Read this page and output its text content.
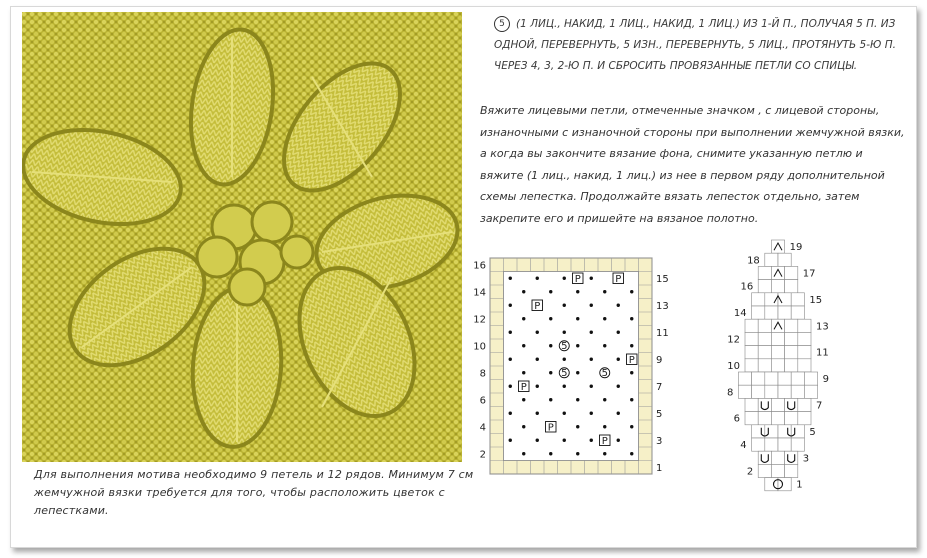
Для выполнения мотива необходимо 9 петель и 12 рядов. Минимум 7 см жемчужной вязки требуется для того, чтобы расположить цветок с лепестками.
5 (1 ЛИЦ., НАКИД, 1 ЛИЦ., НАКИД, 1 ЛИЦ.) ИЗ 1-Й П., ПОЛУЧАЯ 5 П. ИЗ ОДНОЙ, ПЕРЕВЕРНУТЬ, 5 ИЗН., ПЕРЕВЕРНУТЬ, 5 ЛИЦ., ПРОТЯНУТЬ 5-Ю П. ЧЕРЕЗ 4, 3, 2-Ю П. И СБРОСИТЬ ПРОВЯЗАННЫЕ ПЕТЛИ СО СПИЦЫ.
Вяжите лицевыми петли, отмеченные значком , с лицевой стороны, изнаночными с изнаночной стороны при выполнении жемчужной вязки, а когда вы закончите вязание фона, снимите указанную петлю и вяжите (1 лиц., накид, 1 лиц.) из нее в первом ряду дополнительной схемы лепестка. Продолжайте вязать лепесток отдельно, затем закрепите его и пришейте на вязаное полотно.
P
P
P
P
P
P	P
5	5
5
16
14
12
10
8
6
4
2
15
13
11
9
7
5
3
1
18
16
14
12
10
8
6
4
2
19
17
15
13
11
9
7
5
3
1
